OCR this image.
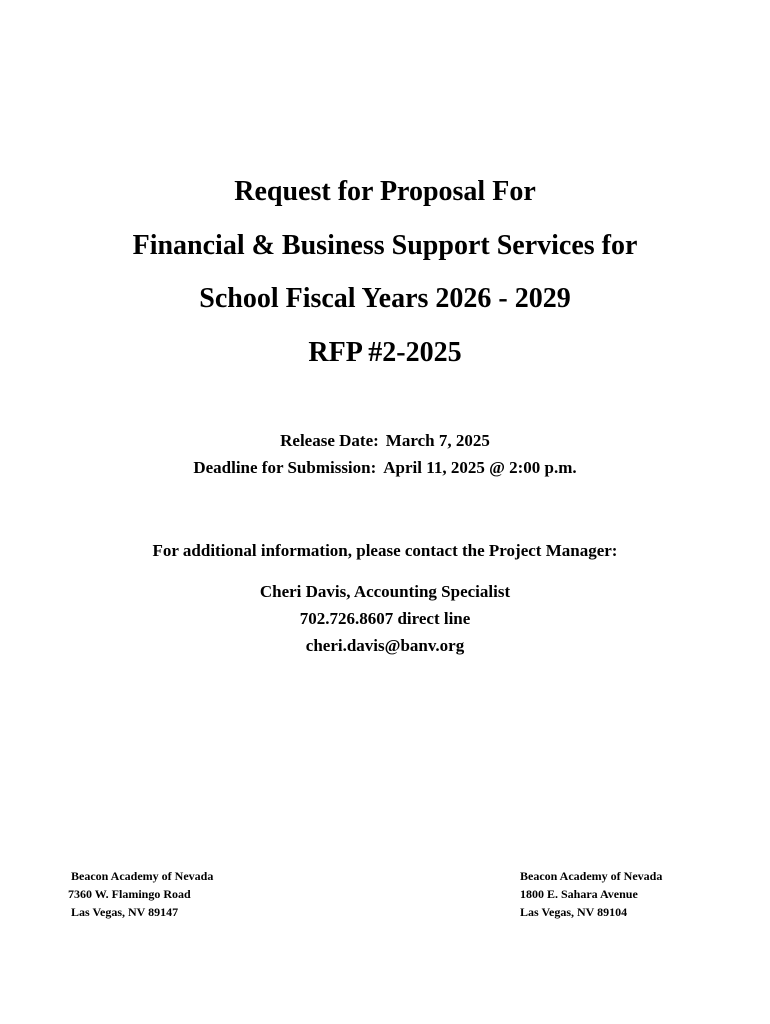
Request for Proposal For
Financial & Business Support Services for
School Fiscal Years 2026 - 2029
RFP #2-2025
Release Date: March 7, 2025
Deadline for Submission: April 11, 2025 @ 2:00 p.m.
For additional information, please contact the Project Manager:
Cheri Davis, Accounting Specialist
702.726.8607 direct line
cheri.davis@banv.org
Beacon Academy of Nevada
7360 W. Flamingo Road
Las Vegas, NV 89147
Beacon Academy of Nevada
1800 E. Sahara Avenue
Las Vegas, NV 89104
